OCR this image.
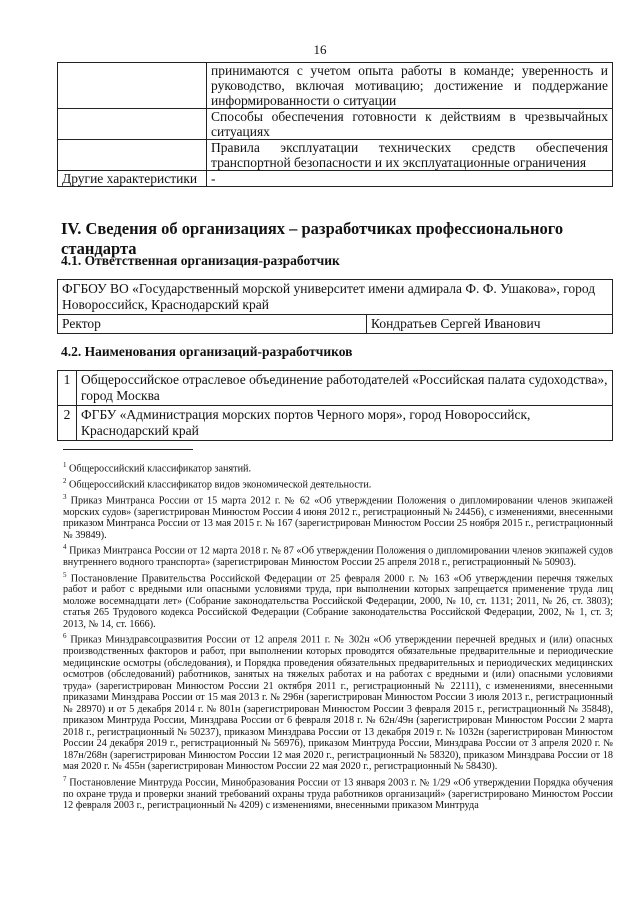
16
	принимаются с учетом опыта работы в команде; уверенность и руководство, включая мотивацию; достижение и поддержание информированности о ситуации
	Способы обеспечения готовности к действиям в чрезвычайных ситуациях
	Правила эксплуатации технических средств обеспечения транспортной безопасности и их эксплуатационные ограничения
Другие характеристики	-
IV. Сведения об организациях – разработчиках профессионального стандарта
4.1. Ответственная организация-разработчик
ФГБОУ ВО «Государственный морской университет имени адмирала Ф. Ф. Ушакова», город Новороссийск, Краснодарский край
Ректор	Кондратьев Сергей Иванович
4.2. Наименования организаций-разработчиков
1	Общероссийское отраслевое объединение работодателей «Российская палата судоходства», город Москва
2	ФГБУ «Администрация морских портов Черного моря», город Новороссийск, Краснодарский край

$^1$ Общероссийский классификатор занятий.

$^2$ Общероссийский классификатор видов экономической деятельности.

$^3$ Приказ Минтранса России от 15 марта 2012 г. № 62 «Об утверждении Положения о дипломировании членов экипажей морских судов» (зарегистрирован Минюстом России 4 июня 2012 г., регистрационный № 24456), с изменениями, внесенными приказом Минтранса России от 13 мая 2015 г. № 167 (зарегистрирован Минюстом России 25 ноября 2015 г., регистрационный № 39849).

$^4$ Приказ Минтранса России от 12 марта 2018 г. № 87 «Об утверждении Положения о дипломировании членов экипажей судов внутреннего водного транспорта» (зарегистрирован Минюстом России 25 апреля 2018 г., регистрационный № 50903).

$^5$ Постановление Правительства Российской Федерации от 25 февраля 2000 г. № 163 «Об утверждении перечня тяжелых работ и работ с вредными или опасными условиями труда, при выполнении которых запрещается применение труда лиц моложе восемнадцати лет» (Собрание законодательства Российской Федерации, 2000, № 10, ст. 1131; 2011, № 26, ст. 3803); статья 265 Трудового кодекса Российской Федерации (Собрание законодательства Российской Федерации, 2002, № 1, ст. 3; 2013, № 14, ст. 1666).

$^6$ Приказ Минздравсоцразвития России от 12 апреля 2011 г. № 302н «Об утверждении перечней вредных и (или) опасных производственных факторов и работ, при выполнении которых проводятся обязательные предварительные и периодические медицинские осмотры (обследования), и Порядка проведения обязательных предварительных и периодических медицинских осмотров (обследований) работников, занятых на тяжелых работах и на работах с вредными и (или) опасными условиями труда» (зарегистрирован Минюстом России 21 октября 2011 г., регистрационный № 22111), с изменениями, внесенными приказами Минздрава России от 15 мая 2013 г. № 296н (зарегистрирован Минюстом России 3 июля 2013 г., регистрационный № 28970) и от 5 декабря 2014 г. № 801н (зарегистрирован Минюстом России 3 февраля 2015 г., регистрационный № 35848), приказом Минтруда России, Минздрава России от 6 февраля 2018 г. № 62н/49н (зарегистрирован Минюстом России 2 марта 2018 г., регистрационный № 50237), приказом Минздрава России от 13 декабря 2019 г. № 1032н (зарегистрирован Минюстом России 24 декабря 2019 г., регистрационный № 56976), приказом Минтруда России, Минздрава России от 3 апреля 2020 г. № 187н/268н (зарегистрирован Минюстом России 12 мая 2020 г., регистрационный № 58320), приказом Минздрава России от 18 мая 2020 г. № 455н (зарегистрирован Минюстом России 22 мая 2020 г., регистрационный № 58430).

$^7$ Постановление Минтруда России, Минобразования России от 13 января 2003 г. № 1/29 «Об утверждении Порядка обучения по охране труда и проверки знаний требований охраны труда работников организаций» (зарегистрировано Минюстом России 12 февраля 2003 г., регистрационный № 4209) с изменениями, внесенными приказом Минтруда
